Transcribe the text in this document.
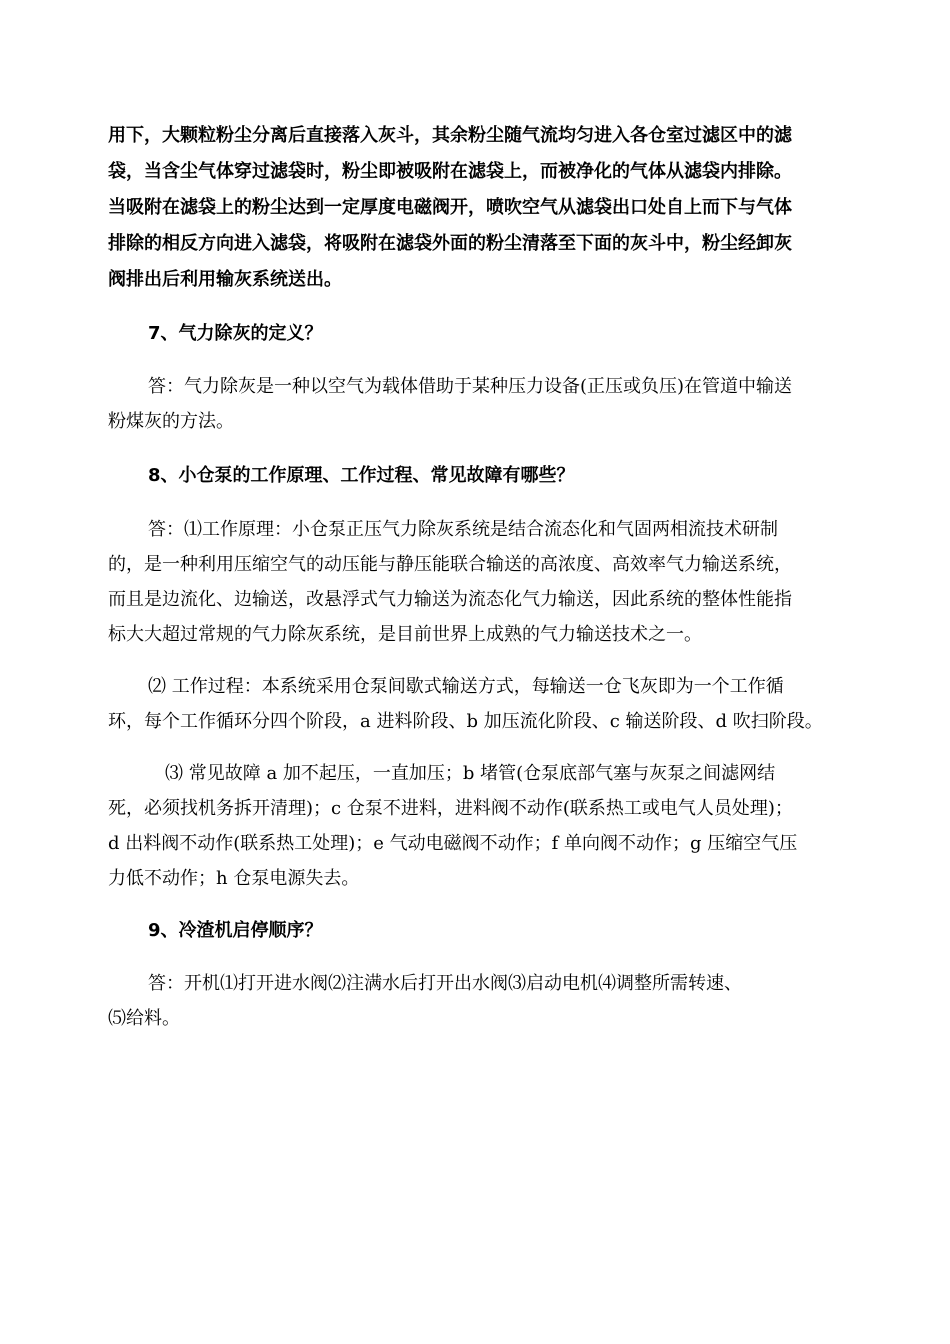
用下，大颗粒粉尘分离后直接落入灰斗，其余粉尘随气流均匀进入各仓室过滤区中的滤
袋，当含尘气体穿过滤袋时，粉尘即被吸附在滤袋上，而被净化的气体从滤袋内排除。
当吸附在滤袋上的粉尘达到一定厚度电磁阀开，喷吹空气从滤袋出口处自上而下与气体
排除的相反方向进入滤袋，将吸附在滤袋外面的粉尘清落至下面的灰斗中，粉尘经卸灰
阀排出后利用输灰系统送出。
7、气力除灰的定义？
答：气力除灰是一种以空气为载体借助于某种压力设备(正压或负压)在管道中输送
粉煤灰的方法。
8、小仓泵的工作原理、工作过程、常见故障有哪些？
答：⑴工作原理：小仓泵正压气力除灰系统是结合流态化和气固两相流技术研制
的，是一种利用压缩空气的动压能与静压能联合输送的高浓度、高效率气力输送系统，
而且是边流化、边输送，改悬浮式气力输送为流态化气力输送，因此系统的整体性能指
标大大超过常规的气力除灰系统，是目前世界上成熟的气力输送技术之一。
⑵ 工作过程：本系统采用仓泵间歇式输送方式，每输送一仓飞灰即为一个工作循
环，每个工作循环分四个阶段，a 进料阶段、b 加压流化阶段、c 输送阶段、d 吹扫阶段。
⑶ 常见故障 a 加不起压，一直加压；b 堵管(仓泵底部气塞与灰泵之间滤网结
死，必须找机务拆开清理)；c 仓泵不进料，进料阀不动作(联系热工或电气人员处理)；
d 出料阀不动作(联系热工处理)；e 气动电磁阀不动作；f 单向阀不动作；g 压缩空气压
力低不动作；h 仓泵电源失去。
9、冷渣机启停顺序？
答：开机⑴打开进水阀⑵注满水后打开出水阀⑶启动电机⑷调整所需转速、
⑸给料。
